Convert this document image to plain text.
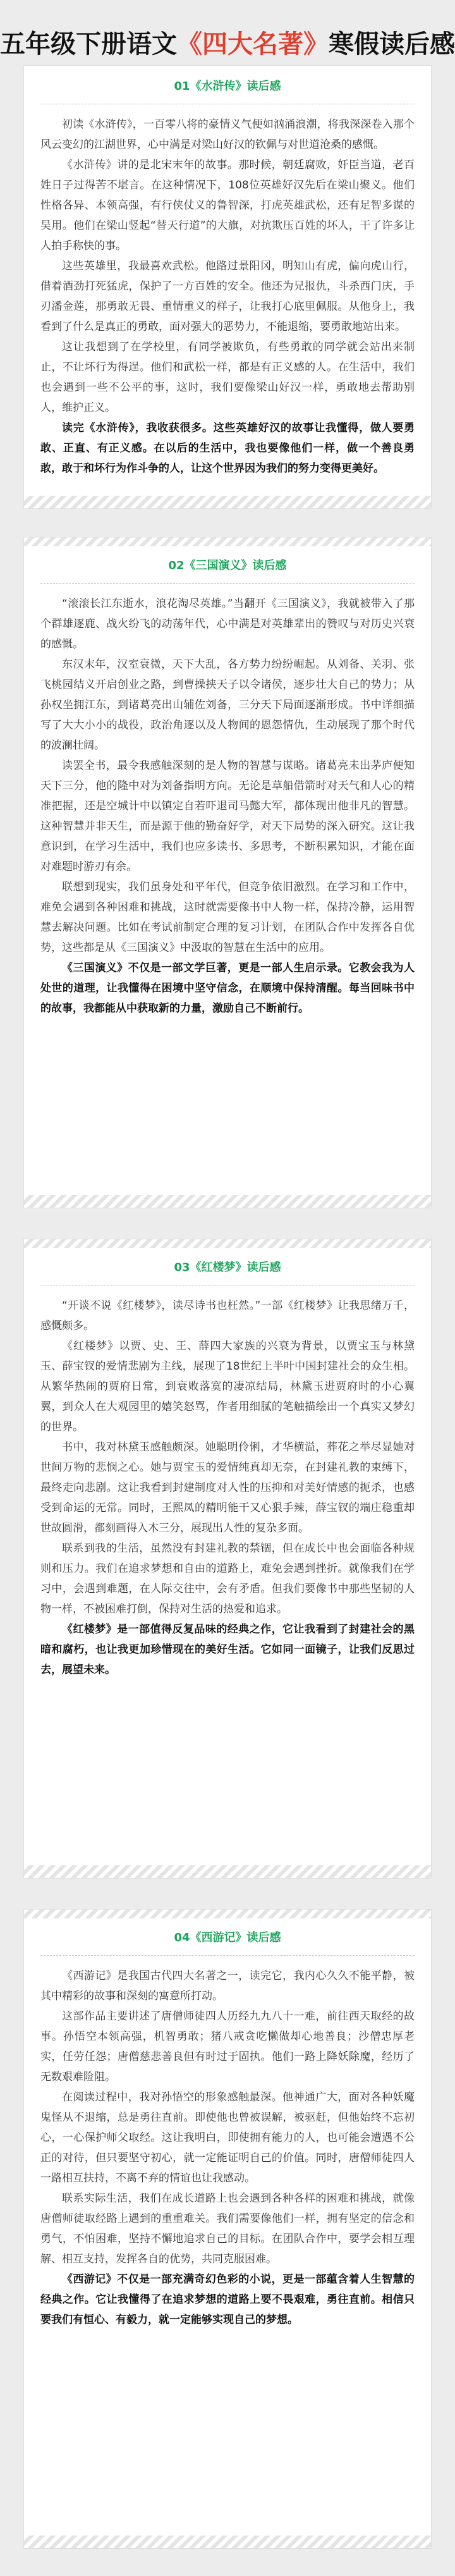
五年级下册语文《四大名著》寒假读后感
01《水浒传》读后感

初读《水浒传》，一百零八将的豪情义气便如汹涌浪潮，将我深深卷入那个风云变幻的江湖世界，心中满是对梁山好汉的钦佩与对世道沧桑的感慨。

《水浒传》讲的是北宋末年的故事。那时候，朝廷腐败，奸臣当道，老百姓日子过得苦不堪言。在这种情况下，108位英雄好汉先后在梁山聚义。他们性格各异、本领高强，有行侠仗义的鲁智深，打虎英雄武松，还有足智多谋的吴用。他们在梁山竖起“替天行道”的大旗，对抗欺压百姓的坏人，干了许多让人拍手称快的事。

这些英雄里，我最喜欢武松。他路过景阳冈，明知山有虎，偏向虎山行，借着酒劲打死猛虎，保护了一方百姓的安全。他还为兄报仇，斗杀西门庆，手刃潘金莲，那勇敢无畏、重情重义的样子，让我打心底里佩服。从他身上，我看到了什么是真正的勇敢，面对强大的恶势力，不能退缩，要勇敢地站出来。

这让我想到了在学校里，有同学被欺负，有些勇敢的同学就会站出来制止，不让坏行为得逞。他们和武松一样，都是有正义感的人。在生活中，我们也会遇到一些不公平的事，这时，我们要像梁山好汉一样，勇敢地去帮助别人，维护正义。

读完《水浒传》，我收获很多。这些英雄好汉的故事让我懂得，做人要勇敢、正直、有正义感。在以后的生活中，我也要像他们一样，做一个善良勇敢，敢于和坏行为作斗争的人，让这个世界因为我们的努力变得更美好。

02《三国演义》读后感

“滚滚长江东逝水，浪花淘尽英雄。”当翻开《三国演义》，我就被带入了那个群雄逐鹿、战火纷飞的动荡年代，心中满是对英雄辈出的赞叹与对历史兴衰的感慨。

东汉末年，汉室衰微，天下大乱，各方势力纷纷崛起。从刘备、关羽、张飞桃园结义开启创业之路，到曹操挟天子以令诸侯，逐步壮大自己的势力；从孙权坐拥江东，到诸葛亮出山辅佐刘备，三分天下局面逐渐形成。书中详细描写了大大小小的战役，政治角逐以及人物间的恩怨情仇，生动展现了那个时代的波澜壮阔。

读罢全书，最令我感触深刻的是人物的智慧与谋略。诸葛亮未出茅庐便知天下三分，他的隆中对为刘备指明方向。无论是草船借箭时对天气和人心的精准把握，还是空城计中以镇定自若吓退司马懿大军，都体现出他非凡的智慧。这种智慧并非天生，而是源于他的勤奋好学，对天下局势的深入研究。这让我意识到，在学习生活中，我们也应多读书、多思考，不断积累知识，才能在面对难题时游刃有余。

联想到现实，我们虽身处和平年代，但竞争依旧激烈。在学习和工作中，难免会遇到各种困难和挑战，这时就需要像书中人物一样，保持冷静，运用智慧去解决问题。比如在考试前制定合理的复习计划，在团队合作中发挥各自优势，这些都是从《三国演义》中汲取的智慧在生活中的应用。

《三国演义》不仅是一部文学巨著，更是一部人生启示录。它教会我为人处世的道理，让我懂得在困境中坚守信念，在顺境中保持清醒。每当回味书中的故事，我都能从中获取新的力量，激励自己不断前行。

03《红楼梦》读后感

“开谈不说《红楼梦》，读尽诗书也枉然。”一部《红楼梦》让我思绪万千，感慨颇多。

《红楼梦》以贾、史、王、薛四大家族的兴衰为背景，以贾宝玉与林黛玉、薛宝钗的爱情悲剧为主线，展现了18世纪上半叶中国封建社会的众生相。从繁华热闹的贾府日常，到衰败落寞的凄凉结局，林黛玉进贾府时的小心翼翼，到众人在大观园里的嬉笑怒骂，作者用细腻的笔触描绘出一个真实又梦幻的世界。

书中，我对林黛玉感触颇深。她聪明伶俐，才华横溢，葬花之举尽显她对世间万物的悲悯之心。她与贾宝玉的爱情纯真却无奈，在封建礼教的束缚下，最终走向悲剧。这让我看到封建制度对人性的压抑和对美好情感的扼杀，也感受到命运的无常。同时，王熙凤的精明能干又心狠手辣，薛宝钗的端庄稳重却世故圆滑，都刻画得入木三分，展现出人性的复杂多面。

联系到我的生活，虽然没有封建礼教的禁锢，但在成长中也会面临各种规则和压力。我们在追求梦想和自由的道路上，难免会遇到挫折。就像我们在学习中，会遇到难题，在人际交往中，会有矛盾。但我们要像书中那些坚韧的人物一样，不被困难打倒，保持对生活的热爱和追求。

《红楼梦》是一部值得反复品味的经典之作，它让我看到了封建社会的黑暗和腐朽，也让我更加珍惜现在的美好生活。它如同一面镜子，让我们反思过去，展望未来。

04《西游记》读后感

《西游记》是我国古代四大名著之一，读完它，我内心久久不能平静，被其中精彩的故事和深刻的寓意所打动。

这部作品主要讲述了唐僧师徒四人历经九九八十一难，前往西天取经的故事。孙悟空本领高强，机智勇敢；猪八戒贪吃懒做却心地善良；沙僧忠厚老实，任劳任怨；唐僧慈悲善良但有时过于固执。他们一路上降妖除魔，经历了无数艰难险阻。

在阅读过程中，我对孙悟空的形象感触最深。他神通广大，面对各种妖魔鬼怪从不退缩，总是勇往直前。即使他也曾被误解，被驱赶，但他始终不忘初心，一心保护师父取经。这让我明白，即使拥有能力的人，也可能会遭遇不公正的对待，但只要坚守初心，就一定能证明自己的价值。同时，唐僧师徒四人一路相互扶持，不离不弃的情谊也让我感动。

联系实际生活，我们在成长道路上也会遇到各种各样的困难和挑战，就像唐僧师徒取经路上遇到的重重难关。我们需要像他们一样，拥有坚定的信念和勇气，不怕困难，坚持不懈地追求自己的目标。在团队合作中，要学会相互理解、相互支持，发挥各自的优势，共同克服困难。

《西游记》不仅是一部充满奇幻色彩的小说，更是一部蕴含着人生智慧的经典之作。它让我懂得了在追求梦想的道路上要不畏艰难，勇往直前。相信只要我们有恒心、有毅力，就一定能够实现自己的梦想。
